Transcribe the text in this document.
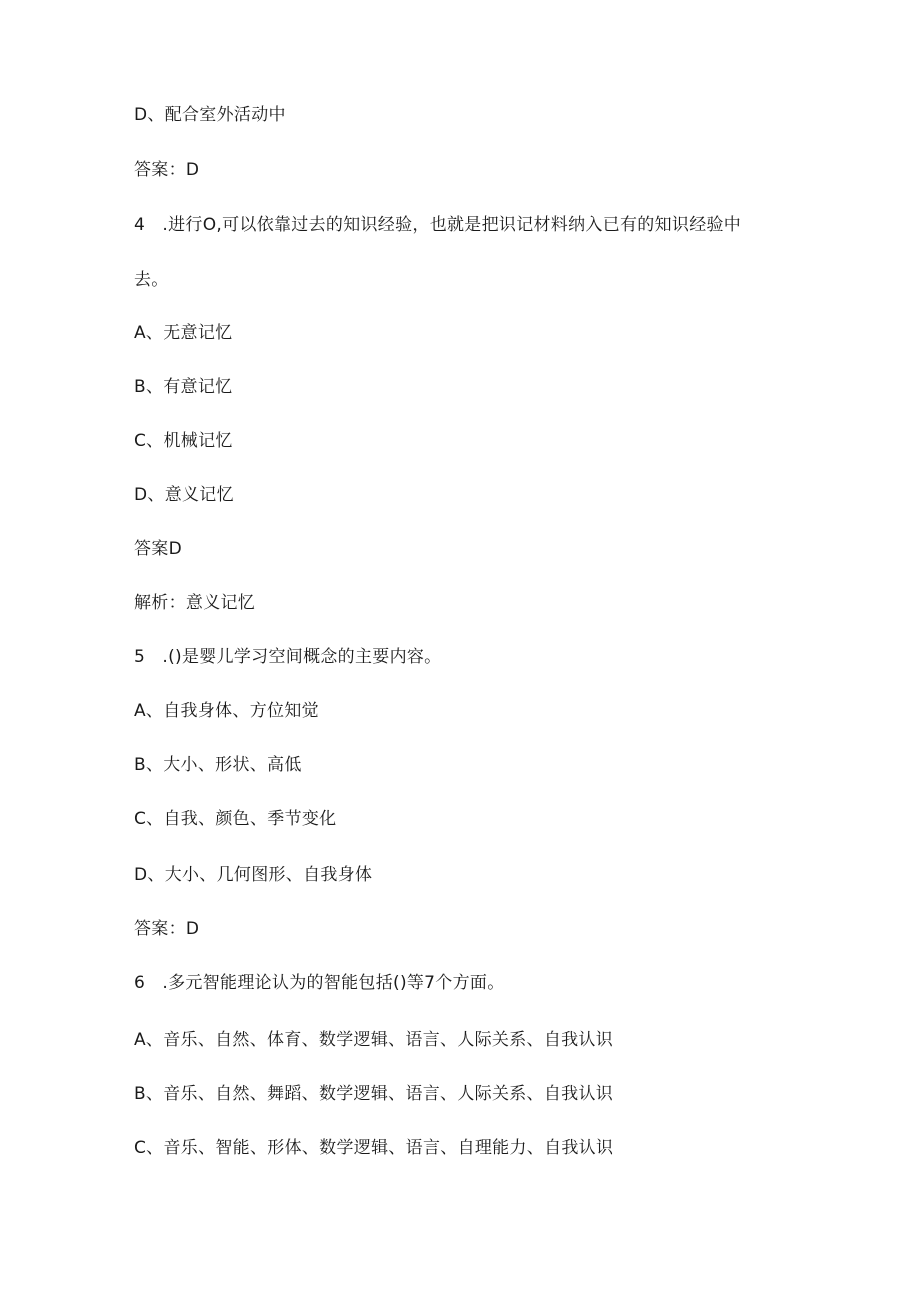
D、配合室外活动中
答案：D
4　.进行O,可以依靠过去的知识经验，也就是把识记材料纳入已有的知识经验中
去。
A、无意记忆
B、有意记忆
C、机械记忆
D、意义记忆
答案D
解析：意义记忆
5　.()是婴儿学习空间概念的主要内容。
A、自我身体、方位知觉
B、大小、形状、高低
C、自我、颜色、季节变化
D、大小、几何图形、自我身体
答案：D
6　.多元智能理论认为的智能包括()等7个方面。
A、音乐、自然、体育、数学逻辑、语言、人际关系、自我认识
B、音乐、自然、舞蹈、数学逻辑、语言、人际关系、自我认识
C、音乐、智能、形体、数学逻辑、语言、自理能力、自我认识
